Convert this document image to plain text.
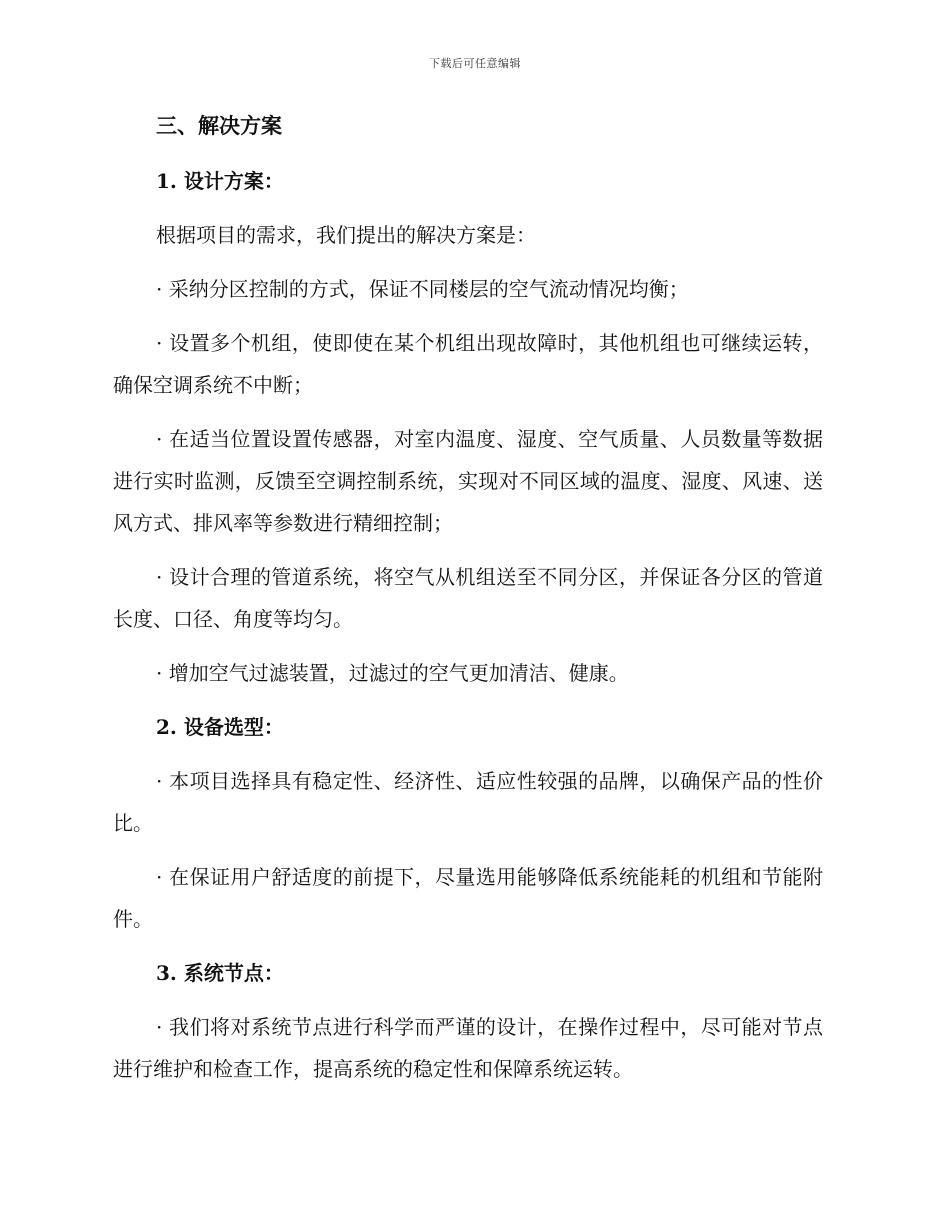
下载后可任意编辑
三、解决方案
1. 设计方案：

根据项目的需求，我们提出的解决方案是：

· 采纳分区控制的方式，保证不同楼层的空气流动情况均衡；

· 设置多个机组，使即使在某个机组出现故障时，其他机组也可继续运转，确保空调系统不中断；

· 在适当位置设置传感器，对室内温度、湿度、空气质量、人员数量等数据进行实时监测，反馈至空调控制系统，实现对不同区域的温度、湿度、风速、送风方式、排风率等参数进行精细控制；

· 设计合理的管道系统，将空气从机组送至不同分区，并保证各分区的管道长度、口径、角度等均匀。

· 增加空气过滤装置，过滤过的空气更加清洁、健康。

2. 设备选型：

· 本项目选择具有稳定性、经济性、适应性较强的品牌，以确保产品的性价比。

· 在保证用户舒适度的前提下，尽量选用能够降低系统能耗的机组和节能附件。

3. 系统节点：

· 我们将对系统节点进行科学而严谨的设计，在操作过程中，尽可能对节点进行维护和检查工作，提高系统的稳定性和保障系统运转。
